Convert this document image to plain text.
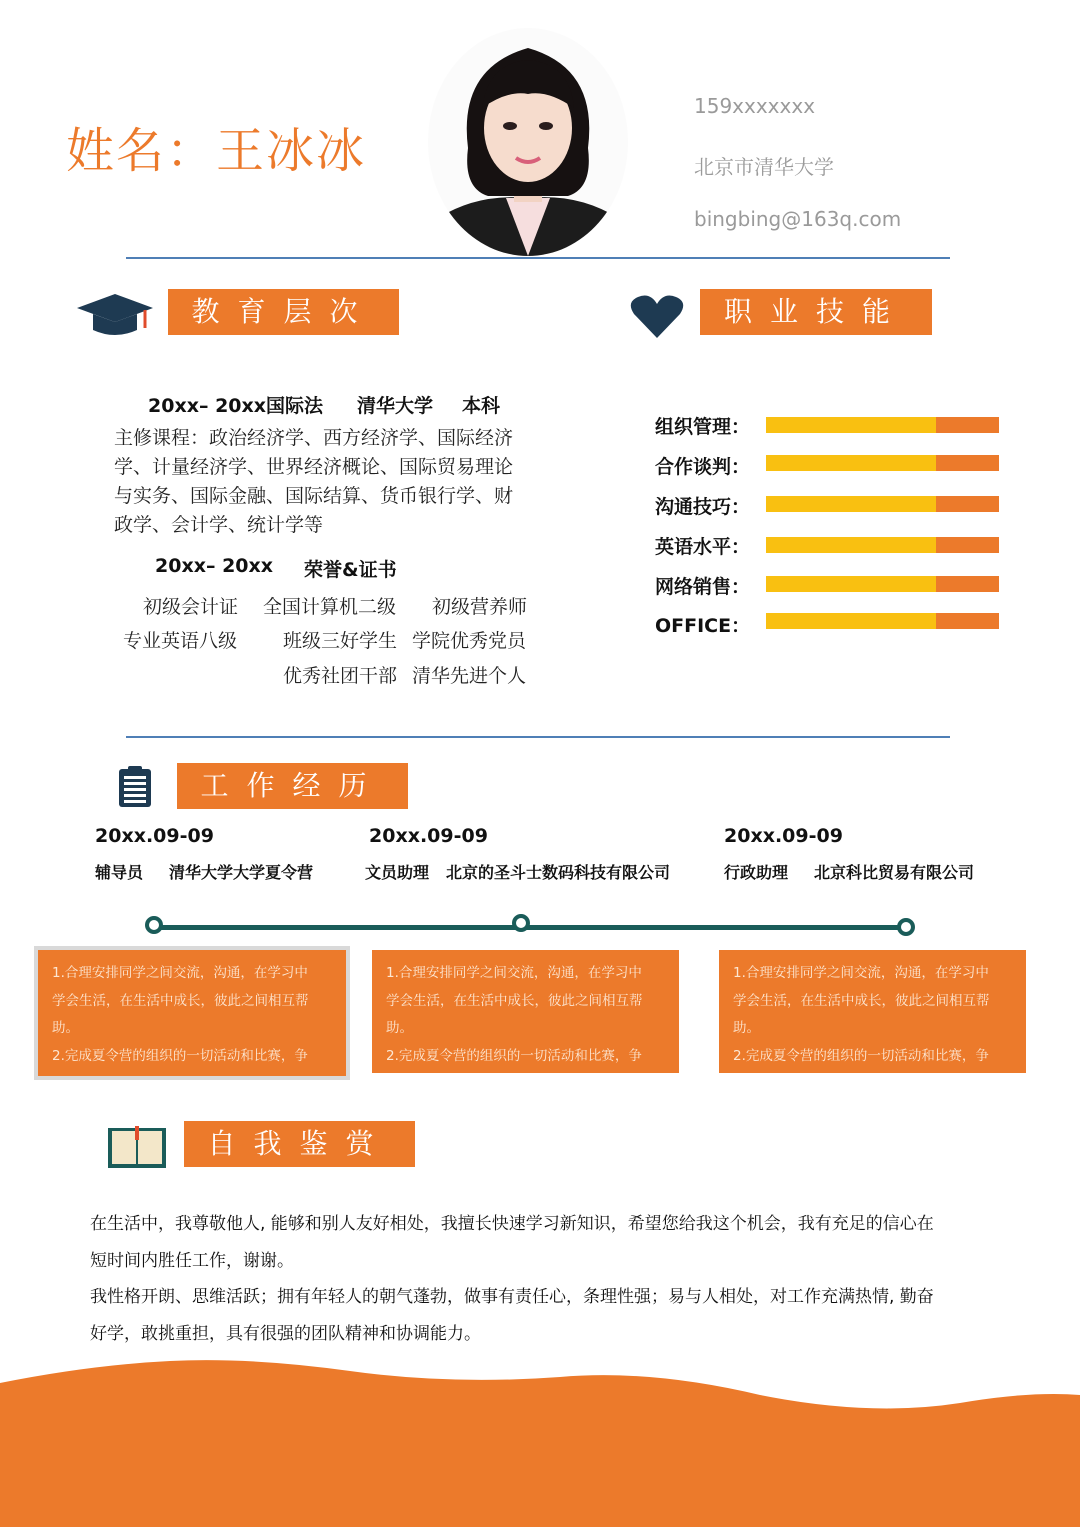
姓名：王冰冰
159xxxxxxx
北京市清华大学
bingbing@163q.com
教育层次	职业技能
20xx– 20xx国际法 清华大学 本科
主修课程：政治经济学、西方经济学、国际经济
学、计量经济学、世界经济概论、国际贸易理论
与实务、国际金融、国际结算、货币银行学、财
政学、会计学、统计学等
20xx– 20xx 荣誉&证书
初级会计证 全国计算机二级 初级营养师
专业英语八级 班级三好学生 学院优秀党员
优秀社团干部 清华先进个人
组织管理：
合作谈判：
沟通技巧：
英语水平：
网络销售：
OFFICE：
工作经历
20xx.09-09
辅导员 清华大学大学夏令营
20xx.09-09
文员助理 北京的圣斗士数码科技有限公司
20xx.09-09
行政助理 北京科比贸易有限公司
1.合理安排同学之间交流，沟通，在学习中
学会生活，在生活中成长，彼此之间相互帮
助。
2.完成夏令营的组织的一切活动和比赛，争
1.合理安排同学之间交流，沟通，在学习中
学会生活，在生活中成长，彼此之间相互帮
助。
2.完成夏令营的组织的一切活动和比赛，争
1.合理安排同学之间交流，沟通，在学习中
学会生活，在生活中成长，彼此之间相互帮
助。
2.完成夏令营的组织的一切活动和比赛，争
自我鉴赏
在生活中，我尊敬他人, 能够和别人友好相处，我擅长快速学习新知识，希望您给我这个机会，我有充足的信心在
短时间内胜任工作，谢谢。
我性格开朗、思维活跃；拥有年轻人的朝气蓬勃，做事有责任心，条理性强；易与人相处，对工作充满热情, 勤奋
好学，敢挑重担，具有很强的团队精神和协调能力。
